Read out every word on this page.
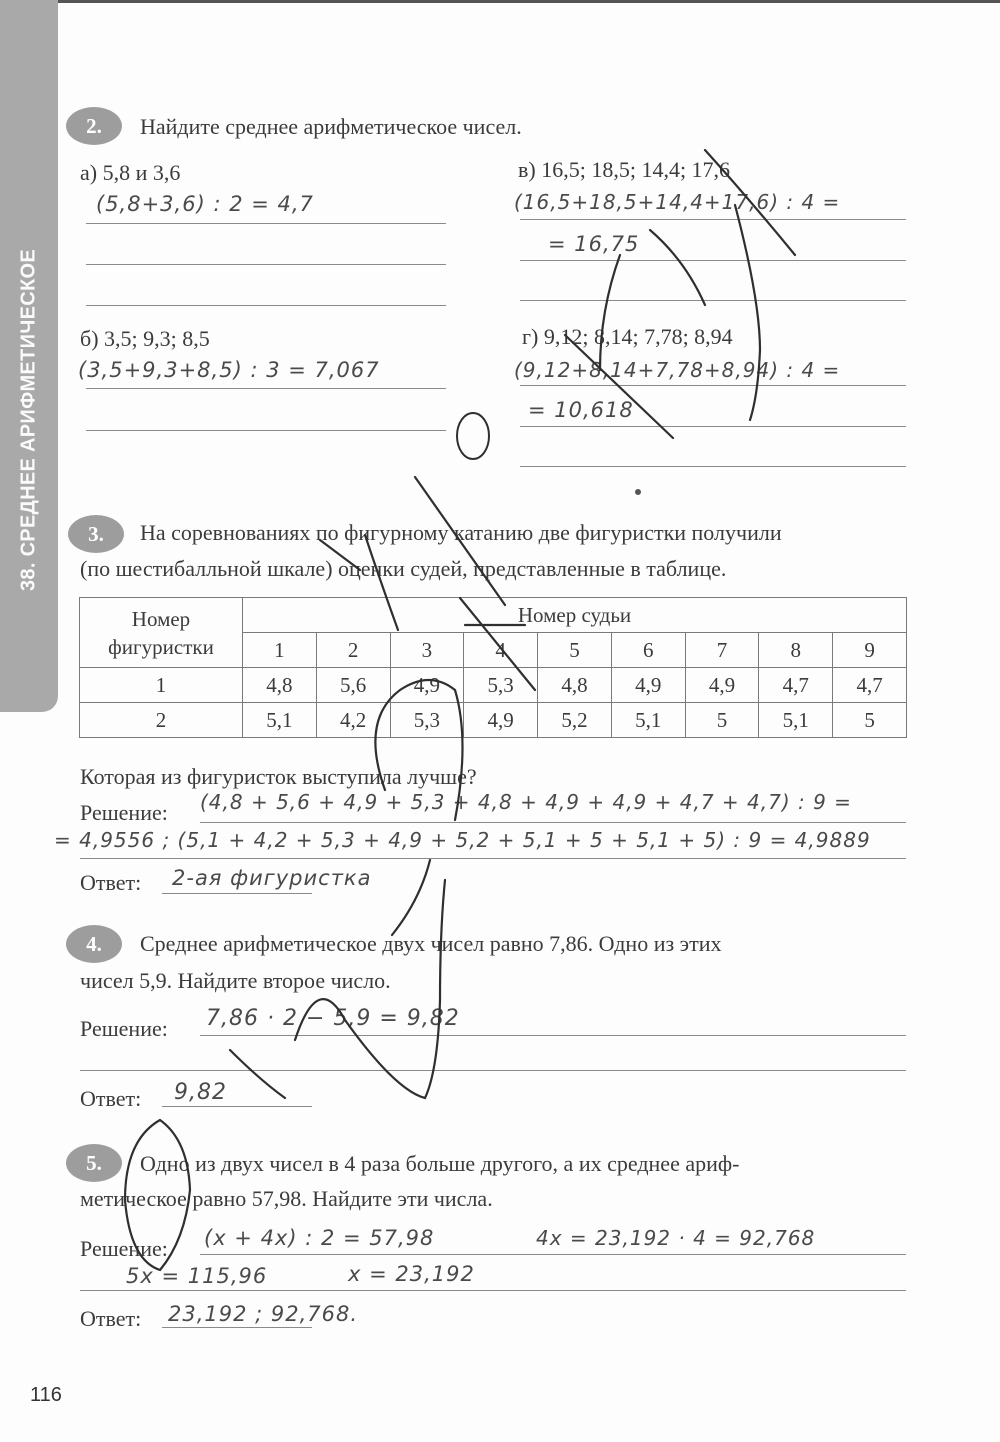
38. СРЕДНЕЕ АРИФМЕТИЧЕСКОЕ
2.	Найдите среднее арифметическое чисел.
а) 5,8 и 3,6
(5,8+3,6) : 2 = 4,7
б) 3,5; 9,3; 8,5
(3,5+9,3+8,5) : 3 = 7,067
в) 16,5; 18,5; 14,4; 17,6
(16,5+18,5+14,4+17,6) : 4 =
= 16,75
г) 9,12; 8,14; 7,78; 8,94
(9,12+8,14+7,78+8,94) : 4 =
= 10,618
3.	На соревнованиях по фигурному катанию две фигуристки получили
(по шестибалльной шкале) оценки судей, представленные в таблице.
Номер
фигуристки	Номер судьи								
	1	2	3	4	5	6	7	8	9
1	4,8	5,6	4,9	5,3	4,8	4,9	4,9	4,7	4,7
2	5,1	4,2	5,3	4,9	5,2	5,1	5	5,1	5
Которая из фигуристок выступила лучше?
Решение: (4,8 + 5,6 + 4,9 + 5,3 + 4,8 + 4,9 + 4,9 + 4,7 + 4,7) : 9 =
= 4,9556 ; (5,1 + 4,2 + 5,3 + 4,9 + 5,2 + 5,1 + 5 + 5,1 + 5) : 9 = 4,9889
Ответ: 2-ая фигуристка
4.	Среднее арифметическое двух чисел равно 7,86. Одно из этих
чисел 5,9. Найдите второе число.
Решение: 7,86 · 2 − 5,9 = 9,82
Ответ: 9,82
5.	Одно из двух чисел в 4 раза больше другого, а их среднее ариф-
метическое равно 57,98. Найдите эти числа.
Решение: (x + 4x) : 2 = 57,98	4x = 23,192 · 4 = 92,768
5x = 115,96	x = 23,192
Ответ: 23,192 ; 92,768.
116
